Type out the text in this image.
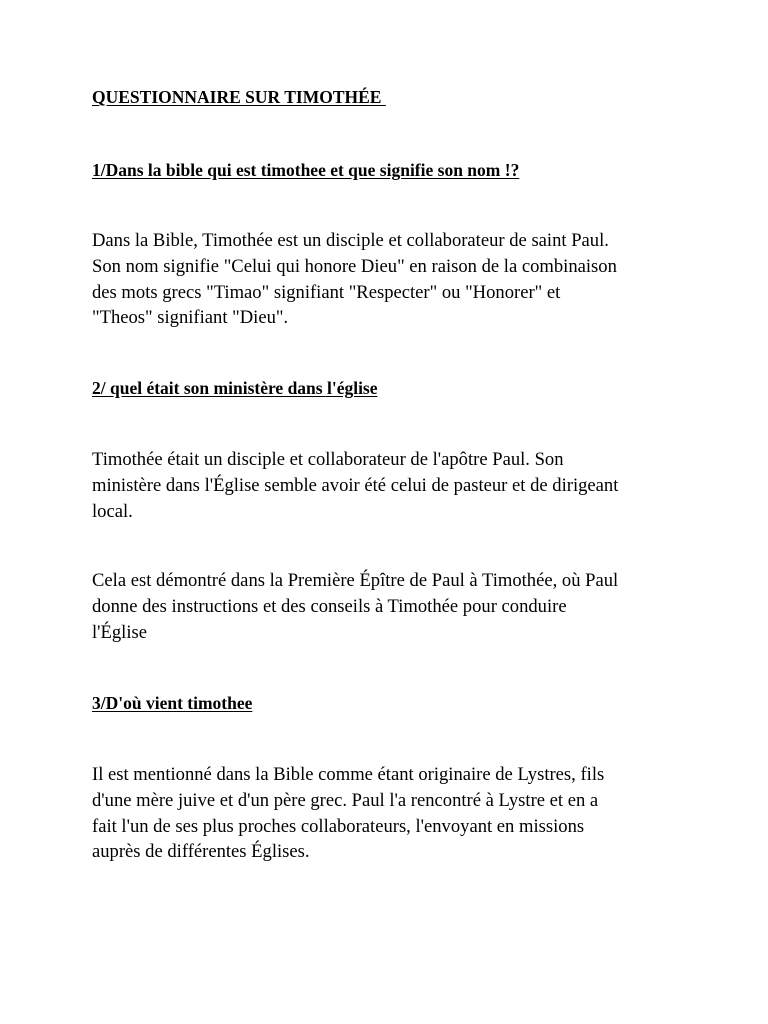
QUESTIONNAIRE SUR TIMOTHÉE
1/Dans la bible qui est timothee et que signifie son nom !?

Dans la Bible, Timothée est un disciple et collaborateur de saint Paul.
Son nom signifie "Celui qui honore Dieu" en raison de la combinaison
des mots grecs "Timao" signifiant "Respecter" ou "Honorer" et
"Theos" signifiant "Dieu".

2/ quel était son ministère dans l'église

Timothée était un disciple et collaborateur de l'apôtre Paul. Son
ministère dans l'Église semble avoir été celui de pasteur et de dirigeant
local.

Cela est démontré dans la Première Épître de Paul à Timothée, où Paul
donne des instructions et des conseils à Timothée pour conduire
l'Église

3/D'où vient timothee

Il est mentionné dans la Bible comme étant originaire de Lystres, fils
d'une mère juive et d'un père grec. Paul l'a rencontré à Lystre et en a
fait l'un de ses plus proches collaborateurs, l'envoyant en missions
auprès de différentes Églises.
